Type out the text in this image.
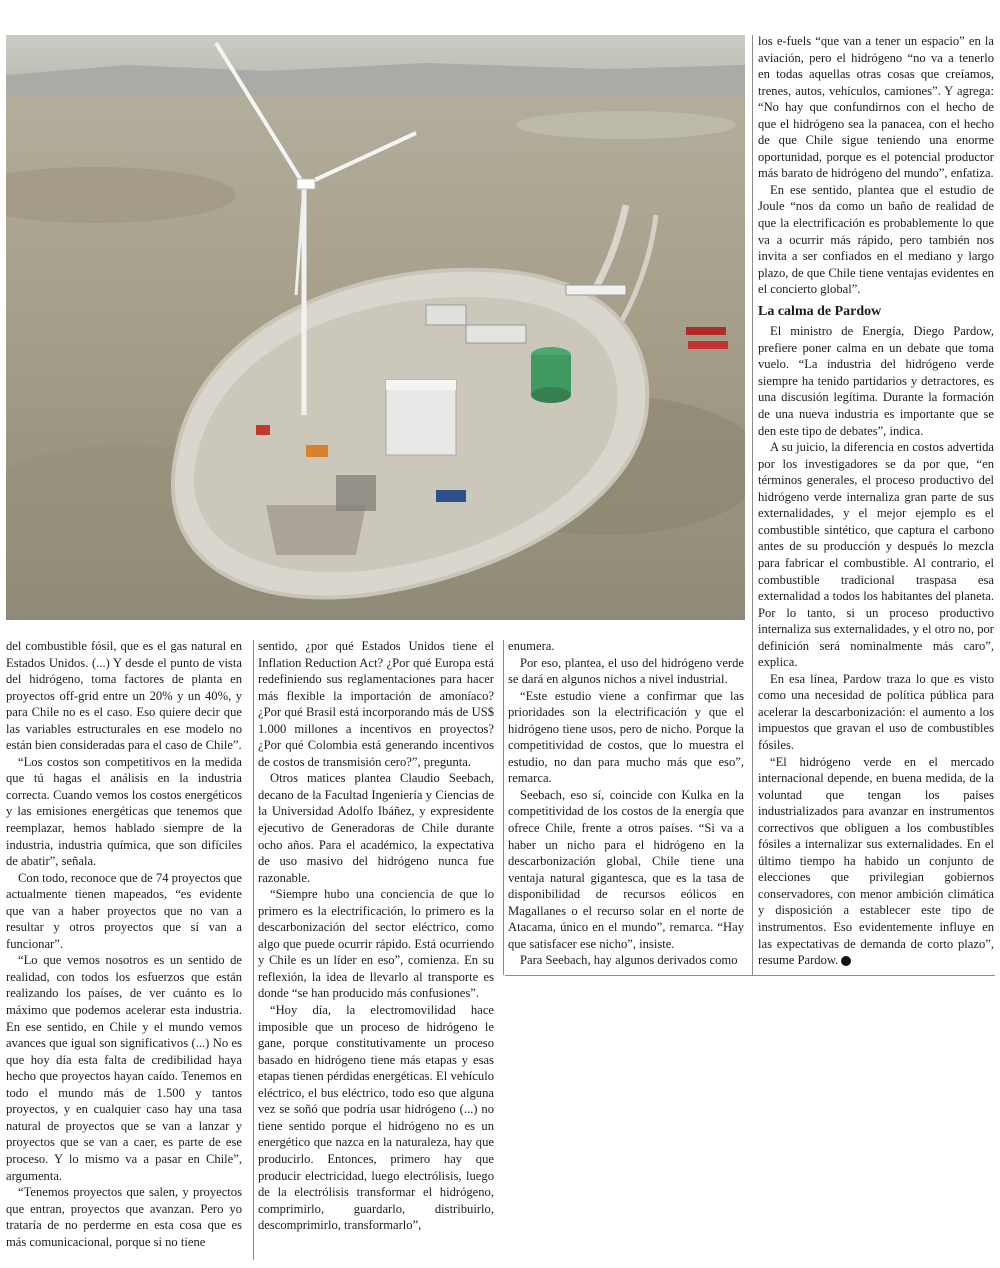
del combustible fósil, que es el gas natural en Estados Unidos. (...) Y desde el punto de vista del hidrógeno, toma factores de planta en proyectos off-grid entre un 20% y un 40%, y para Chile no es el caso. Eso quiere decir que las variables estructurales en ese modelo no están bien consideradas para el caso de Chile”.

“Los costos son competitivos en la medida que tú hagas el análisis en la industria correcta. Cuando vemos los costos energéticos y las emisiones energéticas que tenemos que reemplazar, hemos hablado siempre de la industria, industria química, que son difíciles de abatir”, señala.

Con todo, reconoce que de 74 proyectos que actualmente tienen mapeados, “es evidente que van a haber proyectos que no van a resultar y otros proyectos que sí van a funcionar”.

“Lo que vemos nosotros es un sentido de realidad, con todos los esfuerzos que están realizando los países, de ver cuánto es lo máximo que podemos acelerar esta industria. En ese sentido, en Chile y el mundo vemos avances que igual son significativos (...) No es que hoy día esta falta de credibilidad haya hecho que proyectos hayan caído. Tenemos en todo el mundo más de 1.500 y tantos proyectos, y en cualquier caso hay una tasa natural de proyectos que se van a lanzar y proyectos que se van a caer, es parte de ese proceso. Y lo mismo va a pasar en Chile”, argumenta.

“Tenemos proyectos que salen, y proyectos que entran, proyectos que avanzan. Pero yo trataría de no perderme en esta cosa que es más comunicacional, porque si no tiene

sentido, ¿por qué Estados Unidos tiene el Inflation Reduction Act? ¿Por qué Europa está redefiniendo sus reglamentaciones para hacer más flexible la importación de amoníaco? ¿Por qué Brasil está incorporando más de US$ 1.000 millones a incentivos en proyectos? ¿Por qué Colombia está generando incentivos de costos de transmisión cero?”, pregunta.

Otros matices plantea Claudio Seebach, decano de la Facultad Ingeniería y Ciencias de la Universidad Adolfo Ibáñez, y expresidente ejecutivo de Generadoras de Chile durante ocho años. Para el académico, la expectativa de uso masivo del hidrógeno nunca fue razonable.

“Siempre hubo una conciencia de que lo primero es la electrificación, lo primero es la descarbonización del sector eléctrico, como algo que puede ocurrir rápido. Está ocurriendo y Chile es un líder en eso”, comienza. En su reflexión, la idea de llevarlo al transporte es donde “se han producido más confusiones”.

“Hoy día, la electromovilidad hace imposible que un proceso de hidrógeno le gane, porque constitutivamente un proceso basado en hidrógeno tiene más etapas y esas etapas tienen pérdidas energéticas. El vehículo eléctrico, el bus eléctrico, todo eso que alguna vez se soñó que podría usar hidrógeno (...) no tiene sentido porque el hidrógeno no es un energético que nazca en la naturaleza, hay que producirlo. Entonces, primero hay que producir electricidad, luego electrólisis, luego de la electrólisis transformar el hidrógeno, comprimirlo, guardarlo, distribuirlo, descomprimirlo, transformarlo”,

enumera.

Por eso, plantea, el uso del hidrógeno verde se dará en algunos nichos a nivel industrial.

“Este estudio viene a confirmar que las prioridades son la electrificación y que el hidrógeno tiene usos, pero de nicho. Porque la competitividad de costos, que lo muestra el estudio, no dan para mucho más que eso”, remarca.

Seebach, eso sí, coincide con Kulka en la competitividad de los costos de la energía que ofrece Chile, frente a otros países. “Si va a haber un nicho para el hidrógeno en la descarbonización global, Chile tiene una ventaja natural gigantesca, que es la tasa de disponibilidad de recursos eólicos en Magallanes o el recurso solar en el norte de Atacama, único en el mundo”, remarca. “Hay que satisfacer ese nicho”, insiste.

Para Seebach, hay algunos derivados como

los e-fuels “que van a tener un espacio” en la aviación, pero el hidrógeno “no va a tenerlo en todas aquellas otras cosas que creíamos, trenes, autos, vehículos, camiones”. Y agrega: “No hay que confundirnos con el hecho de que el hidrógeno sea la panacea, con el hecho de que Chile sigue teniendo una enorme oportunidad, porque es el potencial productor más barato de hidrógeno del mundo”, enfatiza.

En ese sentido, plantea que el estudio de Joule “nos da como un baño de realidad de que la electrificación es probablemente lo que va a ocurrir más rápido, pero también nos invita a ser confiados en el mediano y largo plazo, de que Chile tiene ventajas evidentes en el concierto global”.

La calma de Pardow

El ministro de Energía, Diego Pardow, prefiere poner calma en un debate que toma vuelo. “La industria del hidrógeno verde siempre ha tenido partidarios y detractores, es una discusión legítima. Durante la formación de una nueva industria es importante que se den este tipo de debates”, indica.

A su juicio, la diferencia en costos advertida por los investigadores se da por que, “en términos generales, el proceso productivo del hidrógeno verde internaliza gran parte de sus externalidades, y el mejor ejemplo es el combustible sintético, que captura el carbono antes de su producción y después lo mezcla para fabricar el combustible. Al contrario, el combustible tradicional traspasa esa externalidad a todos los habitantes del planeta. Por lo tanto, si un proceso productivo internaliza sus externalidades, y el otro no, por definición será nominalmente más caro”, explica.

En esa línea, Pardow traza lo que es visto como una necesidad de política pública para acelerar la descarbonización: el aumento a los impuestos que gravan el uso de combustibles fósiles.

“El hidrógeno verde en el mercado internacional depende, en buena medida, de la voluntad que tengan los países industrializados para avanzar en instrumentos correctivos que obliguen a los combustibles fósiles a internalizar sus externalidades. En el último tiempo ha habido un conjunto de elecciones que privilegian gobiernos conservadores, con menor ambición climática y disposición a establecer este tipo de instrumentos. Eso evidentemente influye en las expectativas de demanda de corto plazo”, resume Pardow. P
